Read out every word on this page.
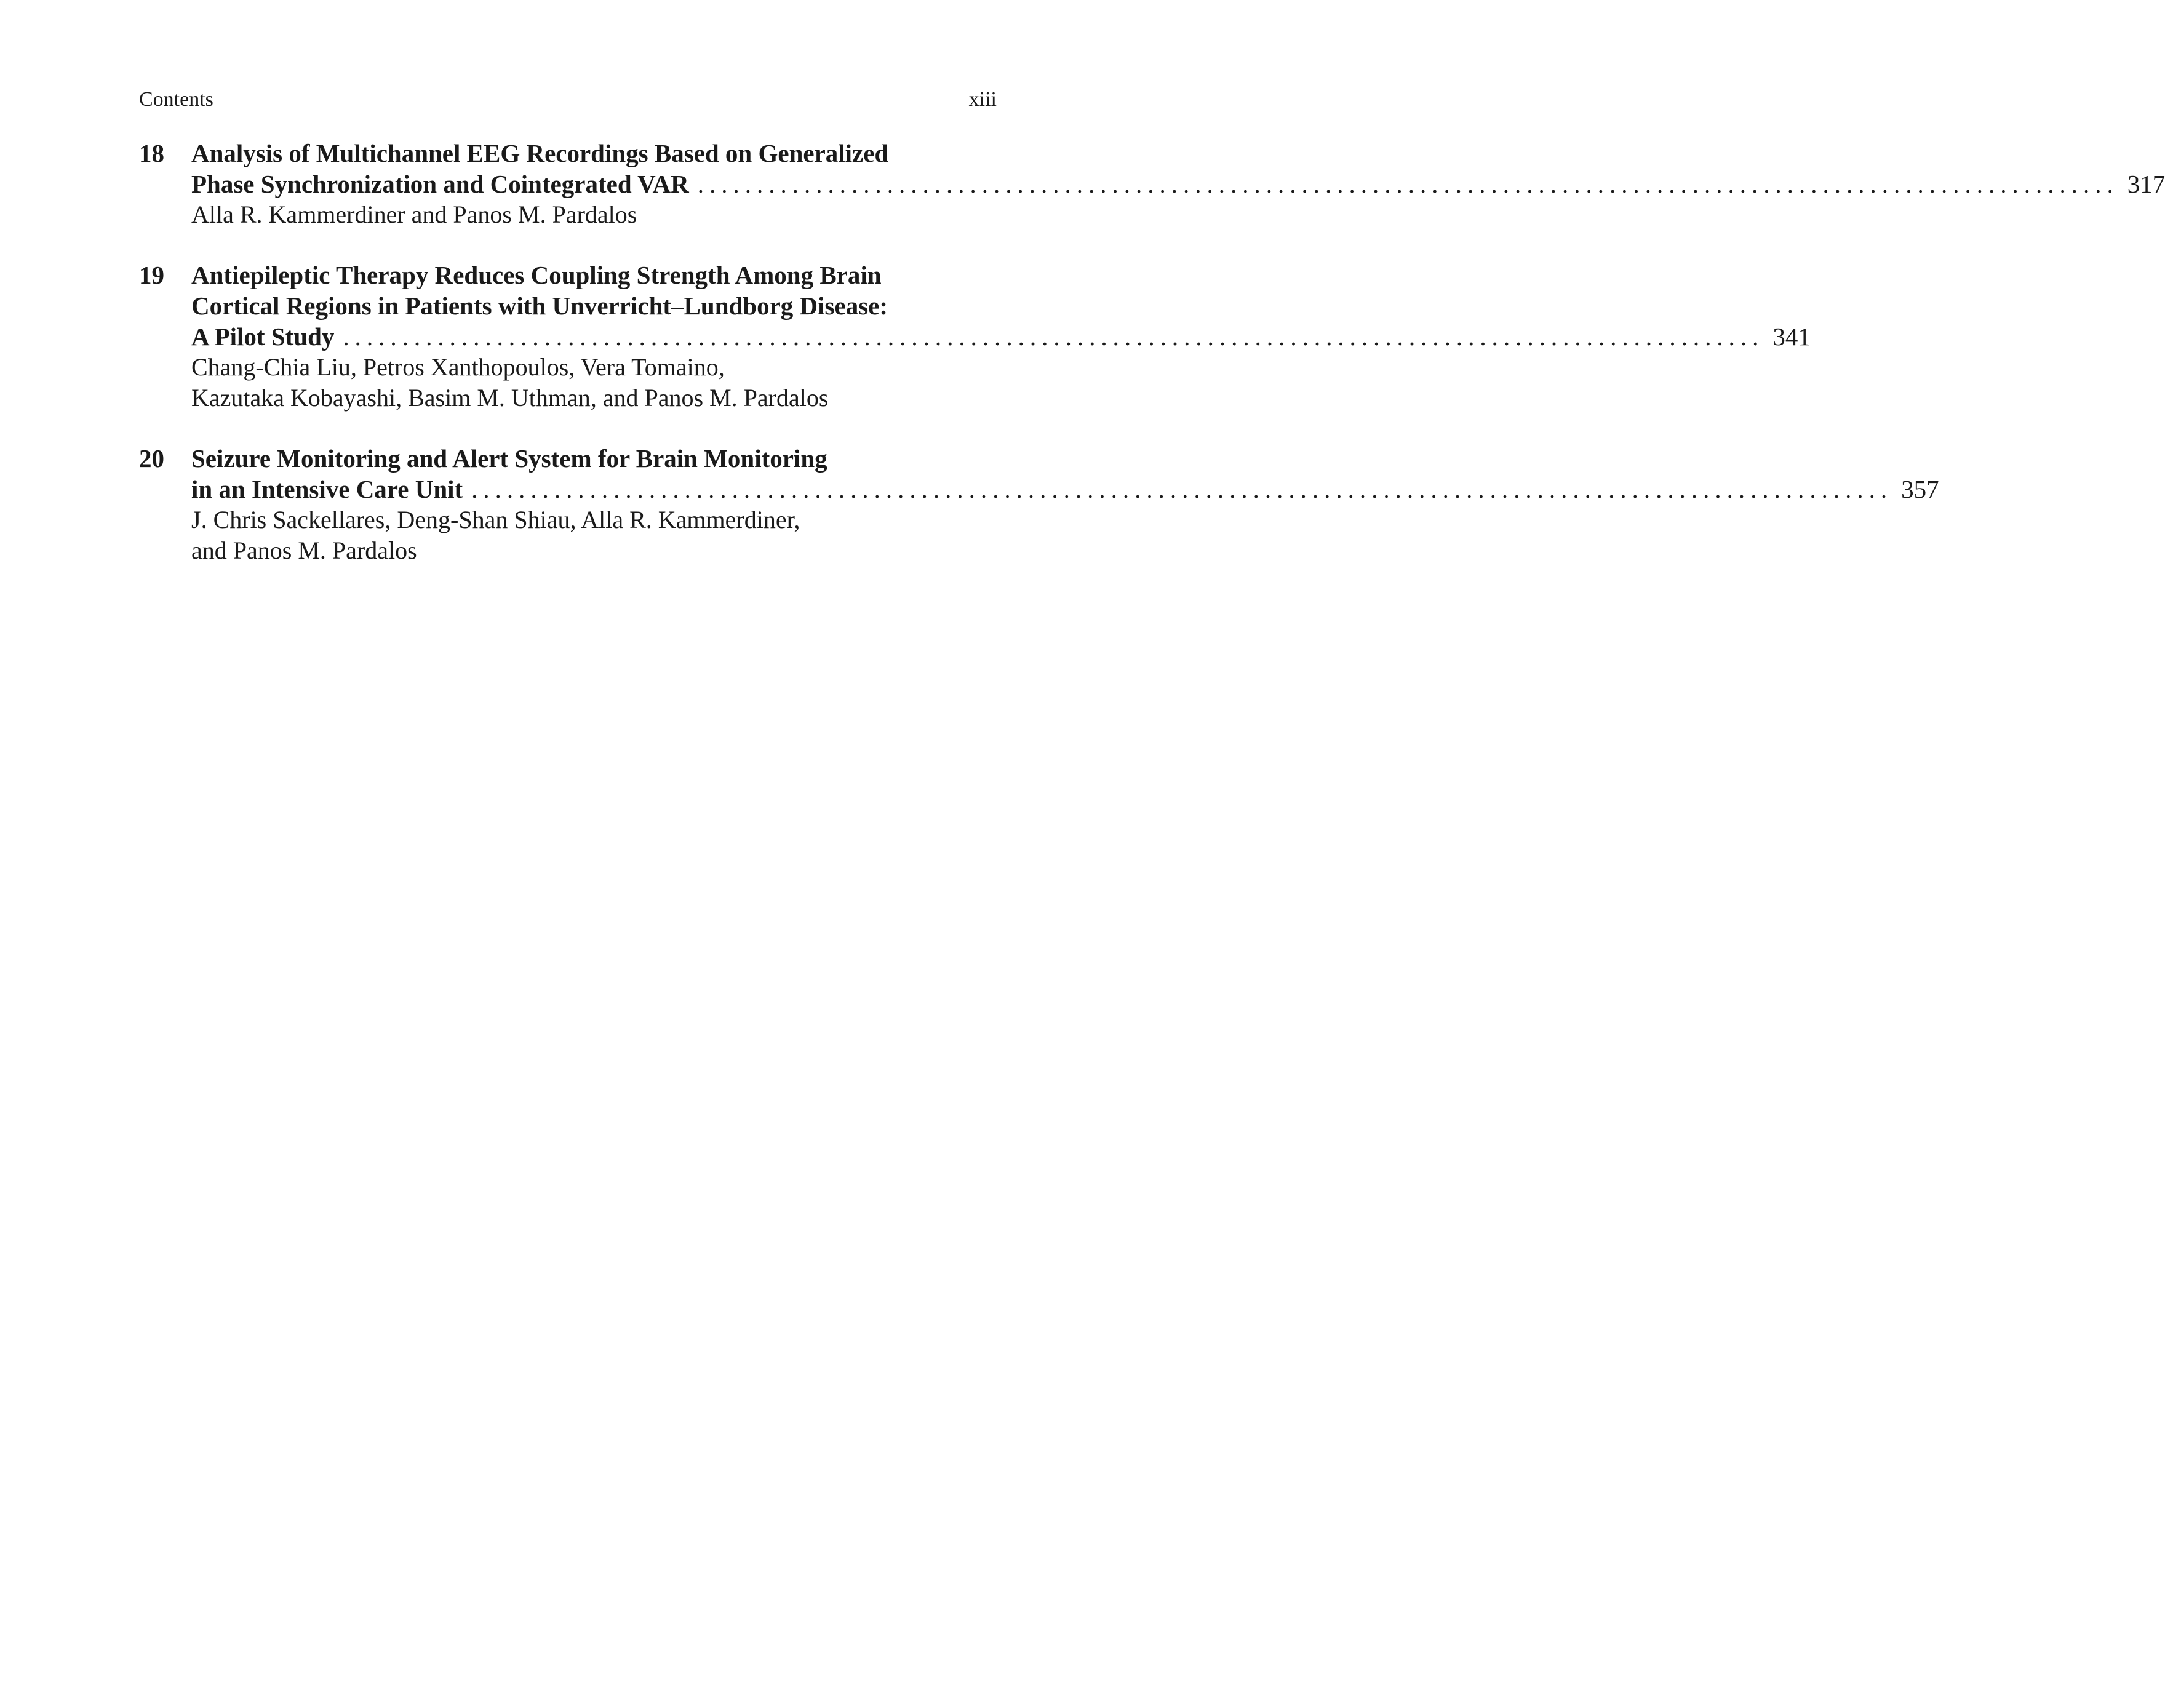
Contents	xiii
18 Analysis of Multichannel EEG Recordings Based on Generalized
Phase Synchronization and Cointegrated VAR ........................................................................................................................ 317
Alla R. Kammerdiner and Panos M. Pardalos
19 Antiepileptic Therapy Reduces Coupling Strength Among Brain
Cortical Regions in Patients with Unverricht–Lundborg Disease:
A Pilot Study ........................................................................................................................ 341
Chang-Chia Liu, Petros Xanthopoulos, Vera Tomaino,
Kazutaka Kobayashi, Basim M. Uthman, and Panos M. Pardalos
20 Seizure Monitoring and Alert System for Brain Monitoring
in an Intensive Care Unit ........................................................................................................................ 357
J. Chris Sackellares, Deng-Shan Shiau, Alla R. Kammerdiner,
and Panos M. Pardalos
